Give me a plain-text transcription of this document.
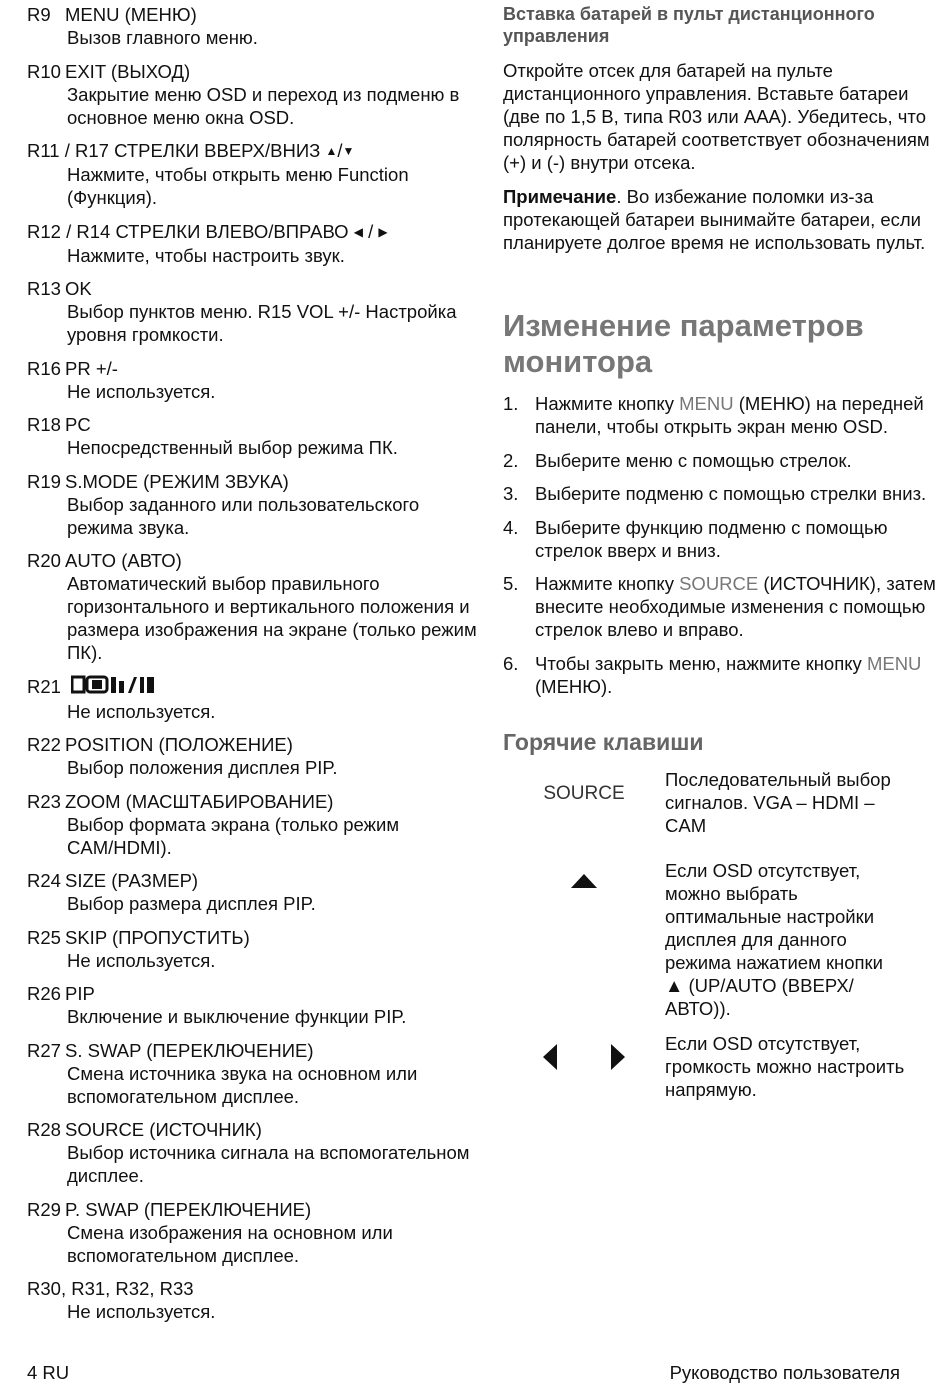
R9 MENU (МЕНЮ)
Вызов главного меню.
R10 EXIT (ВЫХОД)
Закрытие меню OSD и переход из подменю в основное меню окна OSD.
R11 / R17 СТРЕЛКИ ВВЕРХ/ВНИЗ ▲/▼
Нажмите, чтобы открыть меню Function (Функция).
R12 / R14 СТРЕЛКИ ВЛЕВО/ВПРАВО ◀ / ▶
Нажмите, чтобы настроить звук.
R13 OK
Выбор пунктов меню. R15 VOL +/- Настройка уровня громкости.
R16 PR +/-
Не используется.
R18 PC
Непосредственный выбор режима ПК.
R19 S.MODE (РЕЖИМ ЗВУКА)
Выбор заданного или пользовательского режима звука.
R20 AUTO (АВТО)
Автоматический выбор правильного горизонтального и вертикального положения и размера изображения на экране (только режим ПК).
R21
Не используется.
R22 POSITION (ПОЛОЖЕНИЕ)
Выбор положения дисплея PIP.
R23 ZOOM (МАСШТАБИРОВАНИЕ)
Выбор формата экрана (только режим CAM/HDMI).
R24 SIZE (РАЗМЕР)
Выбор размера дисплея PIP.
R25 SKIP (ПРОПУСТИТЬ)
Не используется.
R26 PIP
Включение и выключение функции PIP.
R27 S. SWAP (ПЕРЕКЛЮЧЕНИЕ)
Смена источника звука на основном или вспомогательном дисплее.
R28 SOURCE (ИСТОЧНИК)
Выбор источника сигнала на вспомогательном дисплее.
R29 P. SWAP (ПЕРЕКЛЮЧЕНИЕ)
Смена изображения на основном или вспомогательном дисплее.
R30, R31, R32, R33
Не используется.
Вставка батарей в пульт дистанционного управления

Откройте отсек для батарей на пульте дистанционного управления. Вставьте батареи (две по 1,5 В, типа R03 или AAA). Убедитесь, что полярность батарей соответствует обозначениям (+) и (-) внутри отсека.

Примечание. Во избежание поломки из-за протекающей батареи вынимайте батареи, если планируете долгое время не использовать пульт.

Изменение параметров монитора
1. Нажмите кнопку MENU (МЕНЮ) на передней панели, чтобы открыть экран меню OSD.
2. Выберите меню с помощью стрелок.
3. Выберите подменю с помощью стрелки вниз.
4. Выберите функцию подменю с помощью стрелок вверх и вниз.
5. Нажмите кнопку SOURCE (ИСТОЧНИК), затем внесите необходимые изменения с помощью стрелок влево и вправо.
6. Чтобы закрыть меню, нажмите кнопку MENU (МЕНЮ).
Горячие клавиши
SOURCE
Последовательный выбор сигналов. VGA – HDMI – CAM
Если OSD отсутствует, можно выбрать оптимальные настройки дисплея для данного режима нажатием кнопки ▲ (UP/AUTO (ВВЕРХ/АВТО)).
Если OSD отсутствует, громкость можно настроить напрямую.
4 RU	Руководство пользователя
